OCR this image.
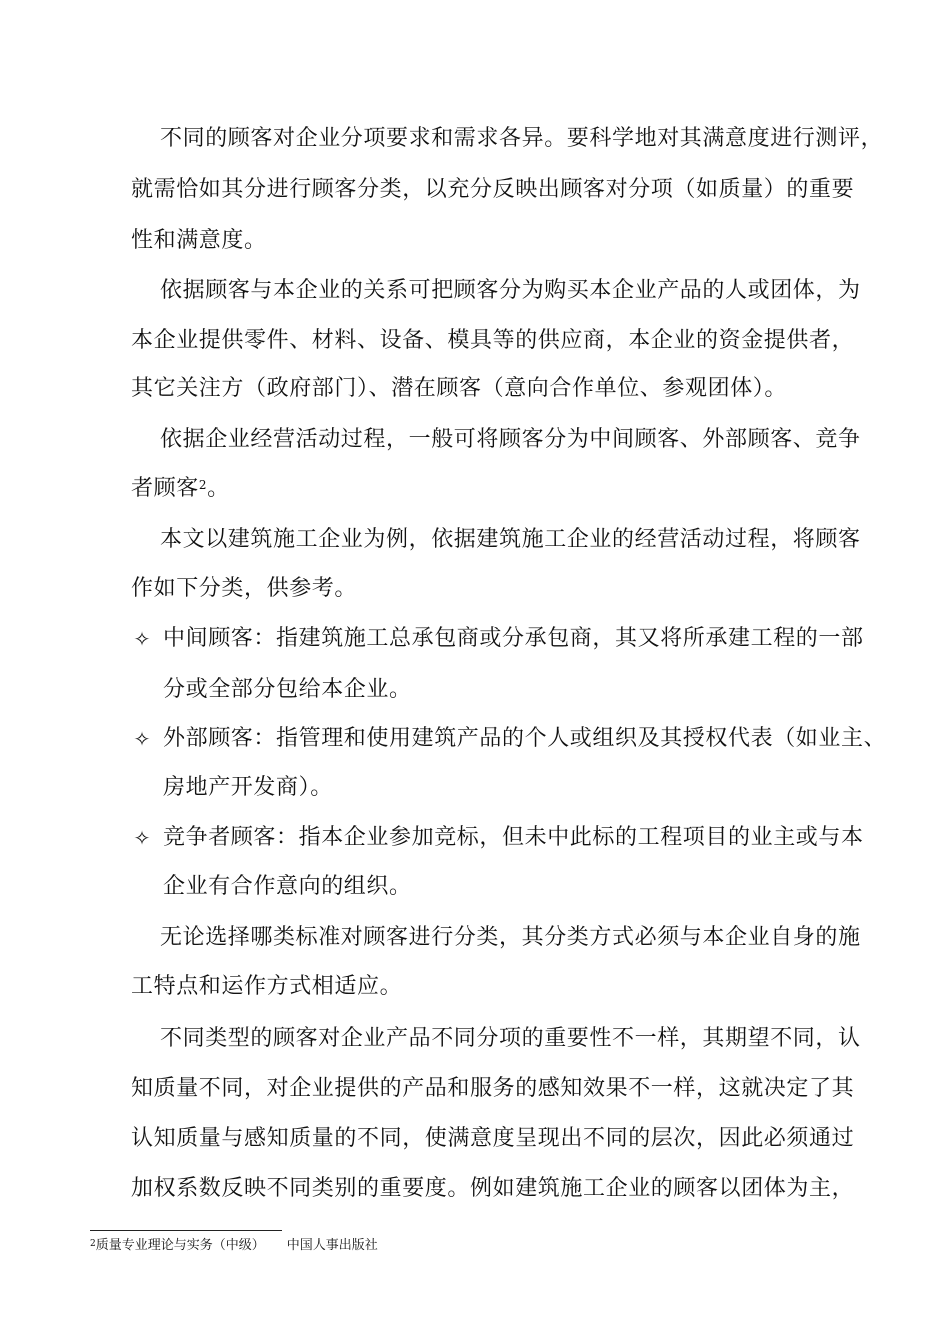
不同的顾客对企业分项要求和需求各异。要科学地对其满意度进行测评，
就需恰如其分进行顾客分类，以充分反映出顾客对分项（如质量）的重要
性和满意度。
依据顾客与本企业的关系可把顾客分为购买本企业产品的人或团体，为
本企业提供零件、材料、设备、模具等的供应商，本企业的资金提供者，
其它关注方（政府部门）、潜在顾客（意向合作单位、参观团体）。
依据企业经营活动过程，一般可将顾客分为中间顾客、外部顾客、竞争
者顾客$^2$。
本文以建筑施工企业为例，依据建筑施工企业的经营活动过程，将顾客
作如下分类，供参考。
✧ 中间顾客：指建筑施工总承包商或分承包商，其又将所承建工程的一部
分或全部分包给本企业。
✧ 外部顾客：指管理和使用建筑产品的个人或组织及其授权代表（如业主、
房地产开发商）。
✧ 竞争者顾客：指本企业参加竞标，但未中此标的工程项目的业主或与本
企业有合作意向的组织。
无论选择哪类标准对顾客进行分类，其分类方式必须与本企业自身的施
工特点和运作方式相适应。
不同类型的顾客对企业产品不同分项的重要性不一样，其期望不同，认
知质量不同，对企业提供的产品和服务的感知效果不一样，这就决定了其
认知质量与感知质量的不同，使满意度呈现出不同的层次，因此必须通过
加权系数反映不同类别的重要度。例如建筑施工企业的顾客以团体为主，
$^2$质量专业理论与实务（中级） 中国人事出版社
